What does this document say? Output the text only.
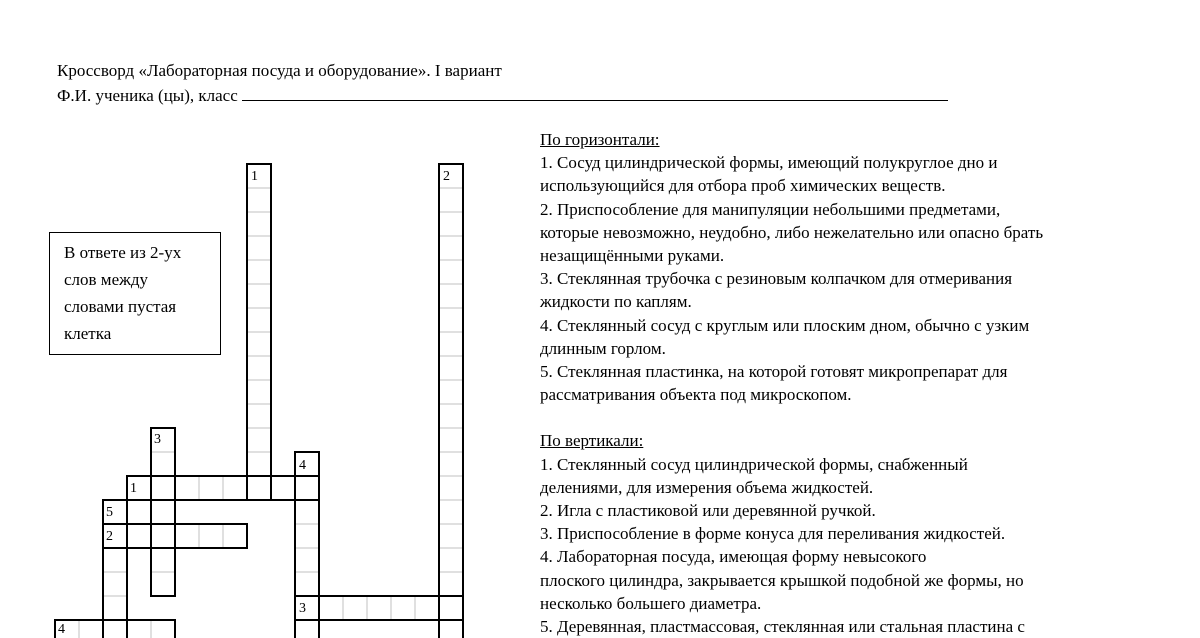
Кроссворд «Лабораторная посуда и оборудование». I вариант
Ф.И. ученика (цы), класс
В ответе из 2-ух
слов между
словами пустая
клетка
1	2
3
4
1
5
2
3
4
По горизонтали:
1. Сосуд цилиндрической формы, имеющий полукруглое дно и
использующийся для отбора проб химических веществ.
2. Приспособление для манипуляции небольшими предметами,
которые невозможно, неудобно, либо нежелательно или опасно брать
незащищёнными руками.
3. Стеклянная трубочка с резиновым колпачком для отмеривания
жидкости по каплям.
4. Стеклянный сосуд с круглым или плоским дном, обычно с узким
длинным горлом.
5. Стеклянная пластинка, на которой готовят микропрепарат для
рассматривания объекта под микроскопом.
По вертикали:
1. Стеклянный сосуд цилиндрической формы, снабженный
делениями, для измерения объема жидкостей.
2. Игла с пластиковой или деревянной ручкой.
3. Приспособление в форме конуса для переливания жидкостей.
4. Лабораторная посуда, имеющая форму невысокого
плоского цилиндра, закрывается крышкой подобной же формы, но
несколько большего диаметра.
5. Деревянная, пластмассовая, стеклянная или стальная пластина с
